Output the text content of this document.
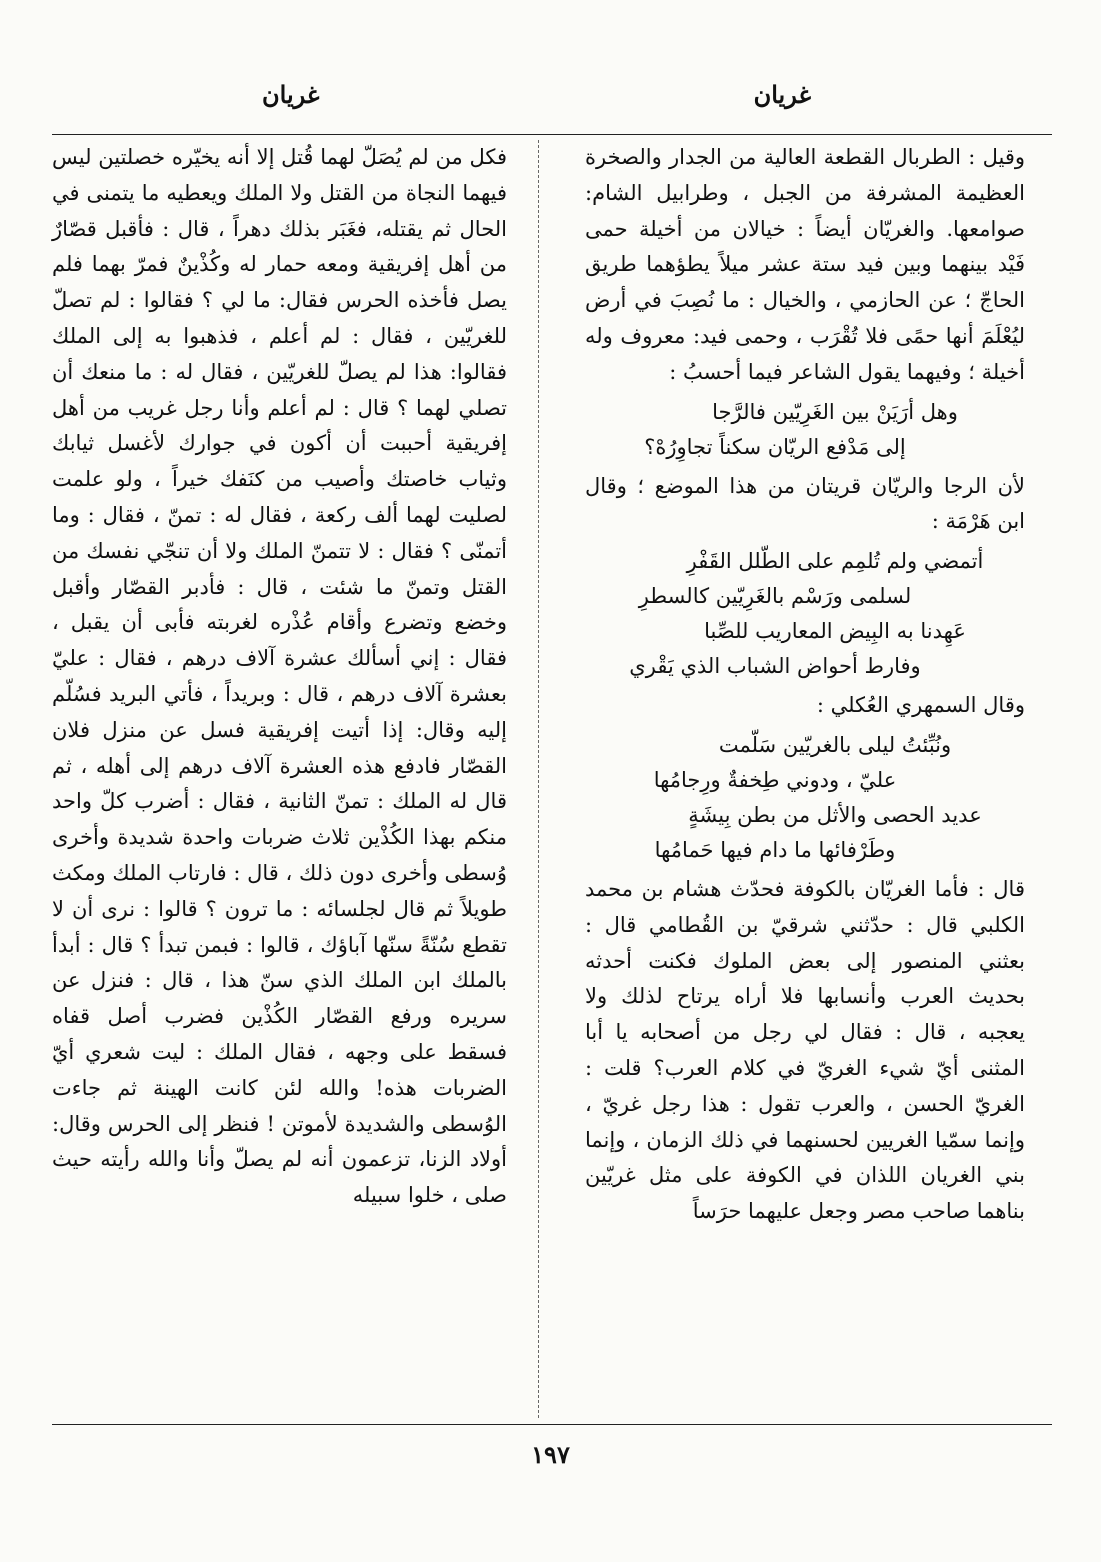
غريان
غريان

وقيل : الطربال القطعة العالية من الجدار والصخرة العظيمة المشرفة من الجبل ، وطرابيل الشام: صوامعها. والغريّان أيضاً : خيالان من أخيلة حمى فَيْد بينهما وبين فيد ستة عشر ميلاً يطؤهما طريق الحاجّ ؛ عن الحازمي ، والخيال : ما نُصِبَ في أرض ليُعْلَمَ أنها حمًى فلا تُقْرَب ، وحمى فيد: معروف وله أخيلة ؛ وفيهما يقول الشاعر فيما أحسبُ :

وهل أرَيَنْ بين الغَرِيّين فالرَّجا
إلى مَدْفع الريّان سكناً تجاوِرُهْ؟

لأن الرجا والريّان قريتان من هذا الموضع ؛ وقال ابن هَرْمَة :

أتمضي ولم تُلمِم على الطّلل القَفْرِ
لسلمى ورَسْم بالغَرِيّين كالسطرِ
عَهِدنا به البِيض المعاريب للصِّبا
وفارط أحواض الشباب الذي يَقْري

وقال السمهري العُكلي :

ونُبِّئتُ ليلى بالغريّين سَلّمت
عليّ ، ودوني طِخفةٌ ورِجامُها
عديد الحصى والأثل من بطن بِيشَةٍ
وطَرْفائها ما دام فيها حَمامُها

قال : فأما الغريّان بالكوفة فحدّث هشام بن محمد الكلبي قال : حدّثني شرقيّ بن القُطامي قال : بعثني المنصور إلى بعض الملوك فكنت أحدثه بحديث العرب وأنسابها فلا أراه يرتاح لذلك ولا يعجبه ، قال : فقال لي رجل من أصحابه يا أبا المثنى أيّ شيء الغريّ في كلام العرب؟ قلت : الغريّ الحسن ، والعرب تقول : هذا رجل غريّ ، وإنما سمّيا الغريين لحسنهما في ذلك الزمان ، وإنما بني الغريان اللذان في الكوفة على مثل غريّين بناهما صاحب مصر وجعل عليهما حرَساً

فكل من لم يُصَلّ لهما قُتل إلا أنه يخيّره خصلتين ليس فيهما النجاة من القتل ولا الملك ويعطيه ما يتمنى في الحال ثم يقتله، فغَبَر بذلك دهراً ، قال : فأقبل قصّارٌ من أهل إفريقية ومعه حمار له وكُذْينٌ فمرّ بهما فلم يصل فأخذه الحرس فقال: ما لي ؟ فقالوا : لم تصلّ للغريّين ، فقال : لم أعلم ، فذهبوا به إلى الملك فقالوا: هذا لم يصلّ للغريّين ، فقال له : ما منعك أن تصلي لهما ؟ قال : لم أعلم وأنا رجل غريب من أهل إفريقية أحببت أن أكون في جوارك لأغسل ثيابك وثياب خاصتك وأصيب من كنَفك خيراً ، ولو علمت لصليت لهما ألف ركعة ، فقال له : تمنّ ، فقال : وما أتمنّى ؟ فقال : لا تتمنّ الملك ولا أن تنجّي نفسك من القتل وتمنّ ما شئت ، قال : فأدبر القصّار وأقبل وخضع وتضرع وأقام عُذْره لغربته فأبى أن يقبل ، فقال : إني أسألك عشرة آلاف درهم ، فقال : عليّ بعشرة آلاف درهم ، قال : وبريداً ، فأتي البريد فسُلّم إليه وقال: إذا أتيت إفريقية فسل عن منزل فلان القصّار فادفع هذه العشرة آلاف درهم إلى أهله ، ثم قال له الملك : تمنّ الثانية ، فقال : أضرب كلّ واحد منكم بهذا الكُذْين ثلاث ضربات واحدة شديدة وأخرى وُسطى وأخرى دون ذلك ، قال : فارتاب الملك ومكث طويلاً ثم قال لجلسائه : ما ترون ؟ قالوا : نرى أن لا تقطع سُنّةً سنّها آباؤك ، قالوا : فبمن تبدأ ؟ قال : أبدأ بالملك ابن الملك الذي سنّ هذا ، قال : فنزل عن سريره ورفع القصّار الكُذْين فضرب أصل قفاه فسقط على وجهه ، فقال الملك : ليت شعري أيّ الضربات هذه! والله لئن كانت الهينة ثم جاءت الوُسطى والشديدة لأموتن ! فنظر إلى الحرس وقال: أولاد الزنا، تزعمون أنه لم يصلّ وأنا والله رأيته حيث صلى ، خلوا سبيله

١٩٧
